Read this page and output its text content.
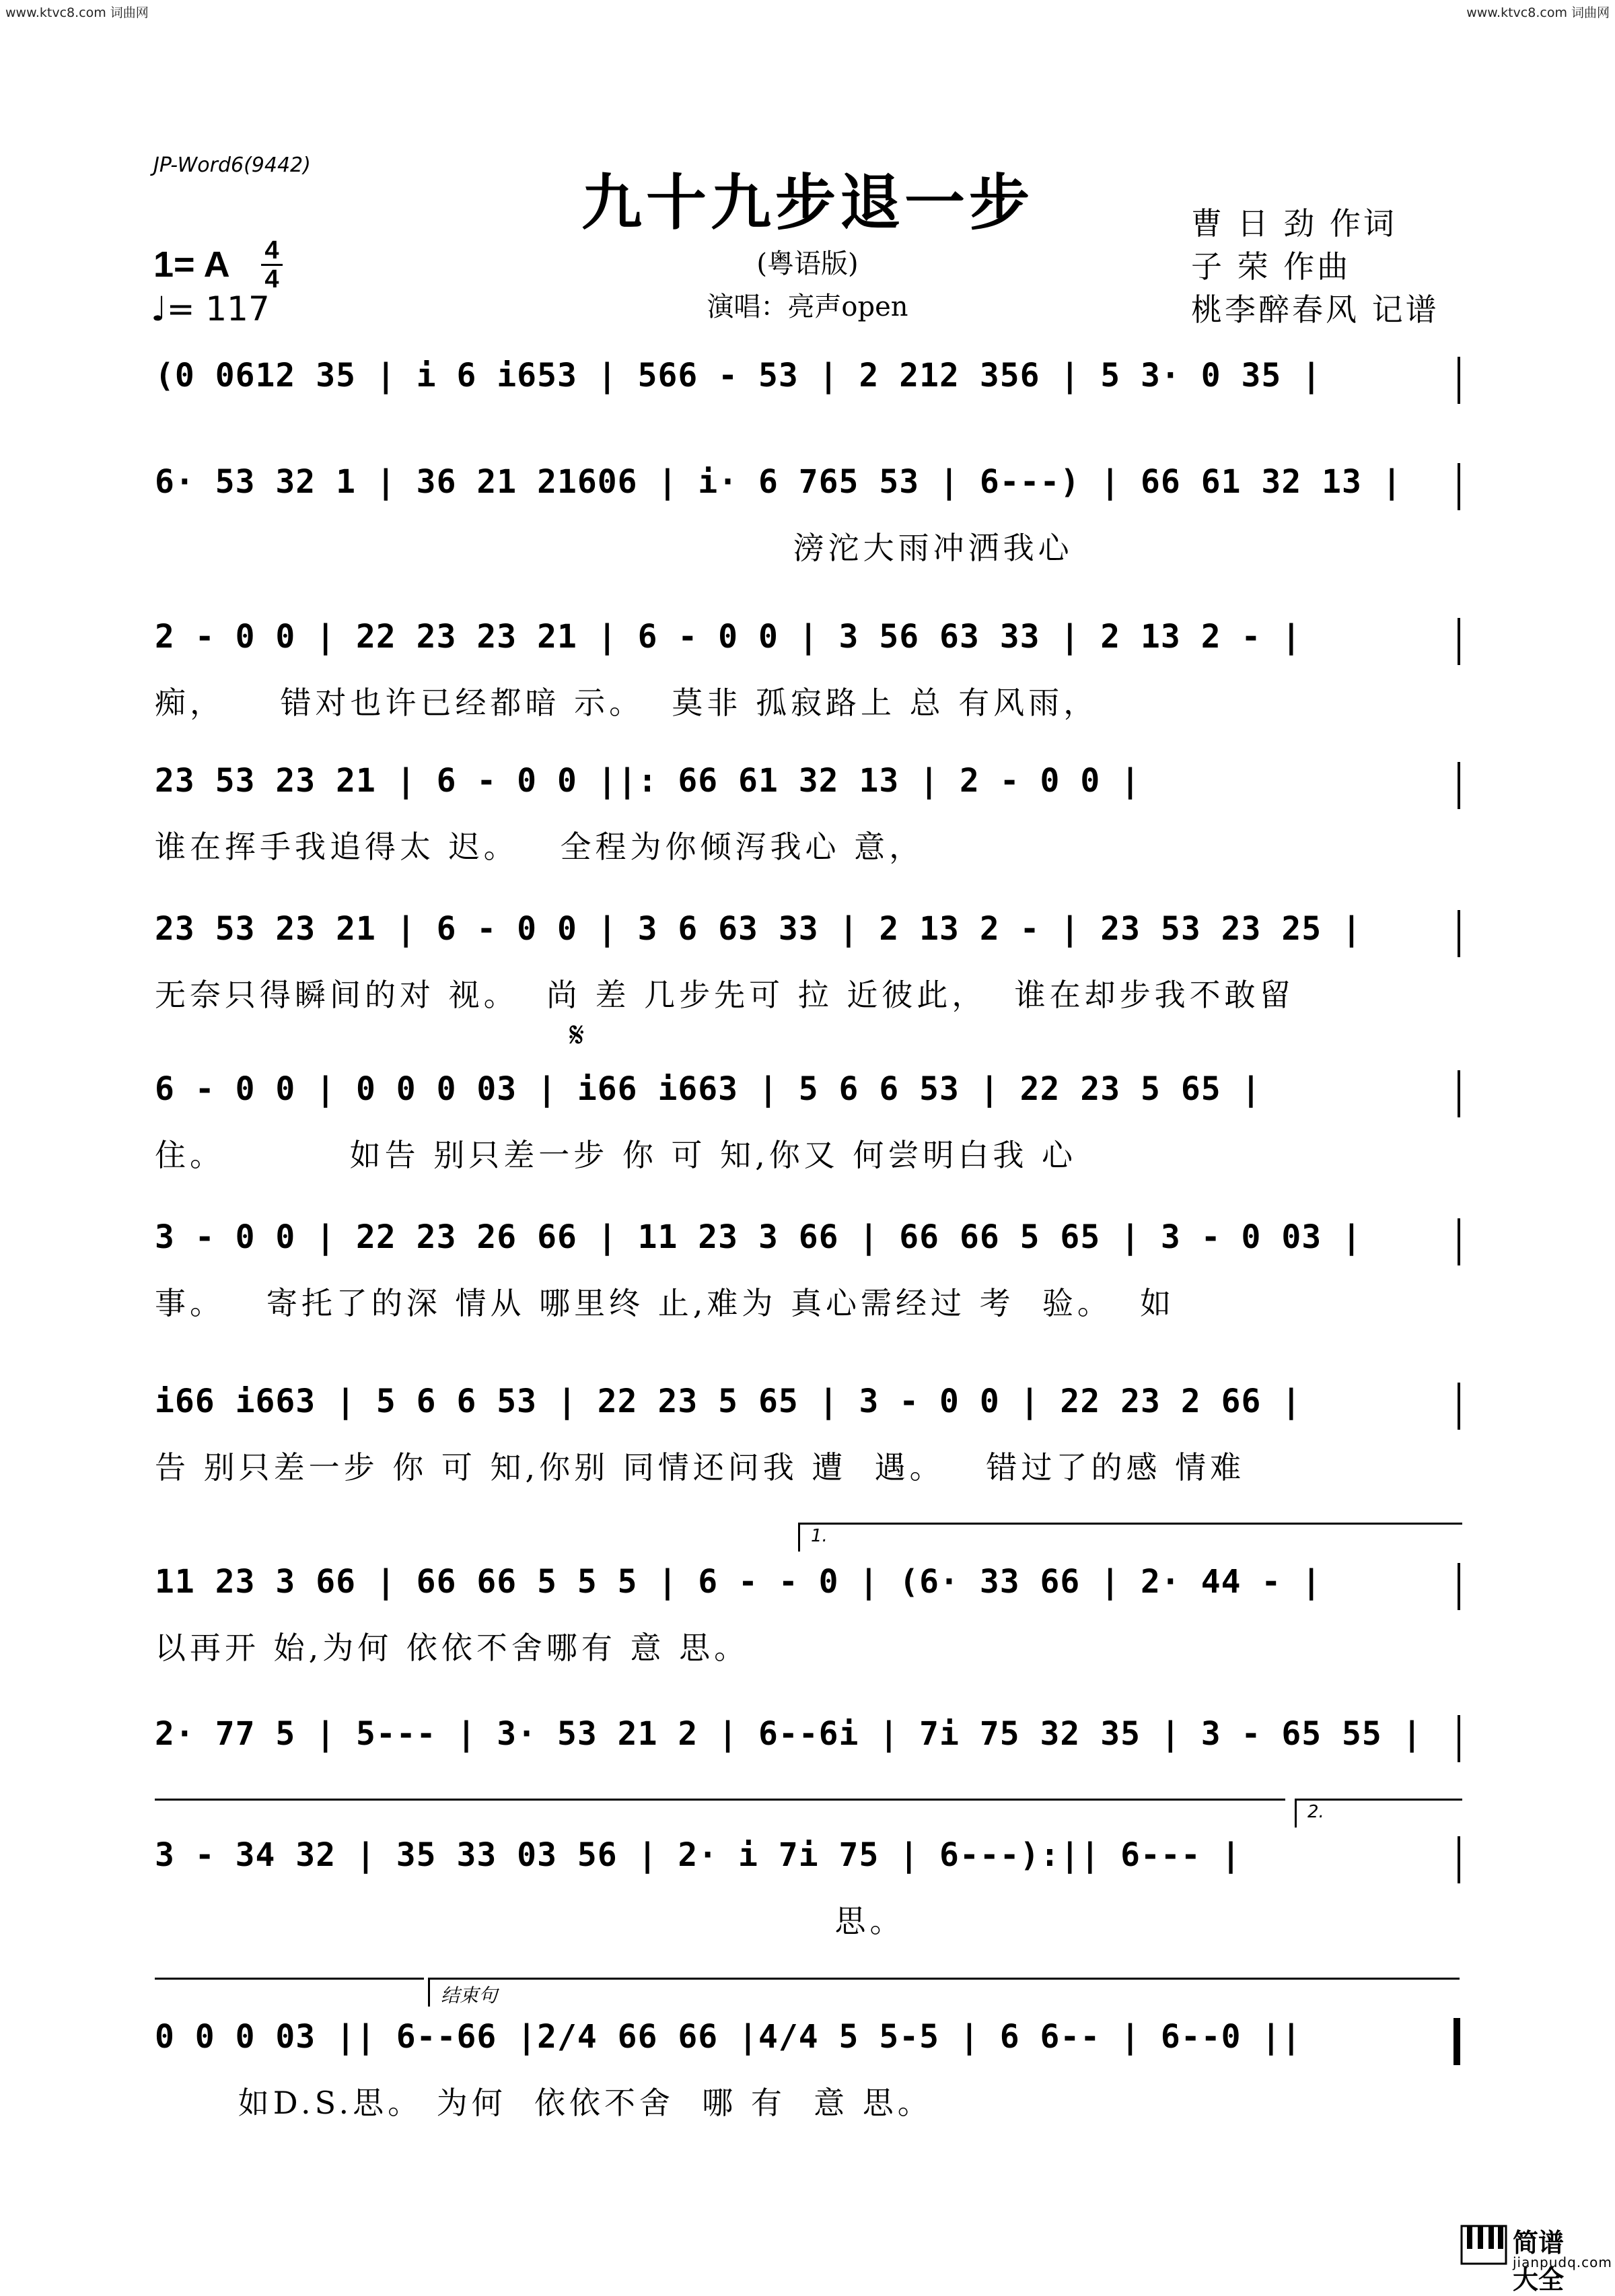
www.ktvc8.com 词曲网	www.ktvc8.com 词曲网
JP-Word6(9442)
九十九步退一步
(粤语版)
演唱：亮声open
1= A 4
4
♩= 117
曹 日 劲 作词
子 荣 作曲
桃李醉春风 记谱
(0 0612 35 | i 6 i653 | 566 - 53 | 2 212 356 | 5 3· 0 35 |
6· 53 32 1 | 36 21 21606 | i· 6 765 53 | 6---) | 66 61 32 13 |
滂沱大雨冲洒我心
2 - 0 0 | 22 23 23 21 | 6 - 0 0 | 3 56 63 33 | 2 13 2 - |
痴，    错对也许已经都暗 示。  莫非 孤寂路上 总 有风雨，
23 53 23 21 | 6 - 0 0 ||: 66 61 32 13 | 2 - 0 0 |
谁在挥手我追得太 迟。   全程为你倾泻我心 意，
23 53 23 21 | 6 - 0 0 | 3 6 63 33 | 2 13 2 - | 23 53 23 25 |
无奈只得瞬间的对 视。  尚 差 几步先可 拉 近彼此，  谁在却步我不敢留
𝄋
6 - 0 0 | 0 0 0 03 | i66 i663 | 5 6 6 53 | 22 23 5 65 |
住。         如告 别只差一步 你 可 知,你又 何尝明白我 心
3 - 0 0 | 22 23 26 66 | 11 23 3 66 | 66 66 5 65 | 3 - 0 03 |
事。   寄托了的深 情从 哪里终 止,难为 真心需经过 考  验。  如
i66 i663 | 5 6 6 53 | 22 23 5 65 | 3 - 0 0 | 22 23 2 66 |
告 别只差一步 你 可 知,你别 同情还问我 遭  遇。   错过了的感 情难
1.
11 23 3 66 | 66 66 5 5 5 | 6 - - 0 | (6· 33 66 | 2· 44 - |
以再开 始,为何 依依不舍哪有 意 思。
2· 77 5 | 5--- | 3· 53 21 2 | 6--6i | 7i 75 32 35 | 3 - 65 55 |
2.
3 - 34 32 | 35 33 03 56 | 2· i 7i 75 | 6---):|| 6--- |
思。
结束句
0 0 0 03 || 6--66 |2/4 66 66 |4/4 5 5-5 | 6 6-- | 6--0 ||
如D.S.思。 为何  依依不舍  哪 有  意 思。
简谱大全
jianpudq.com
